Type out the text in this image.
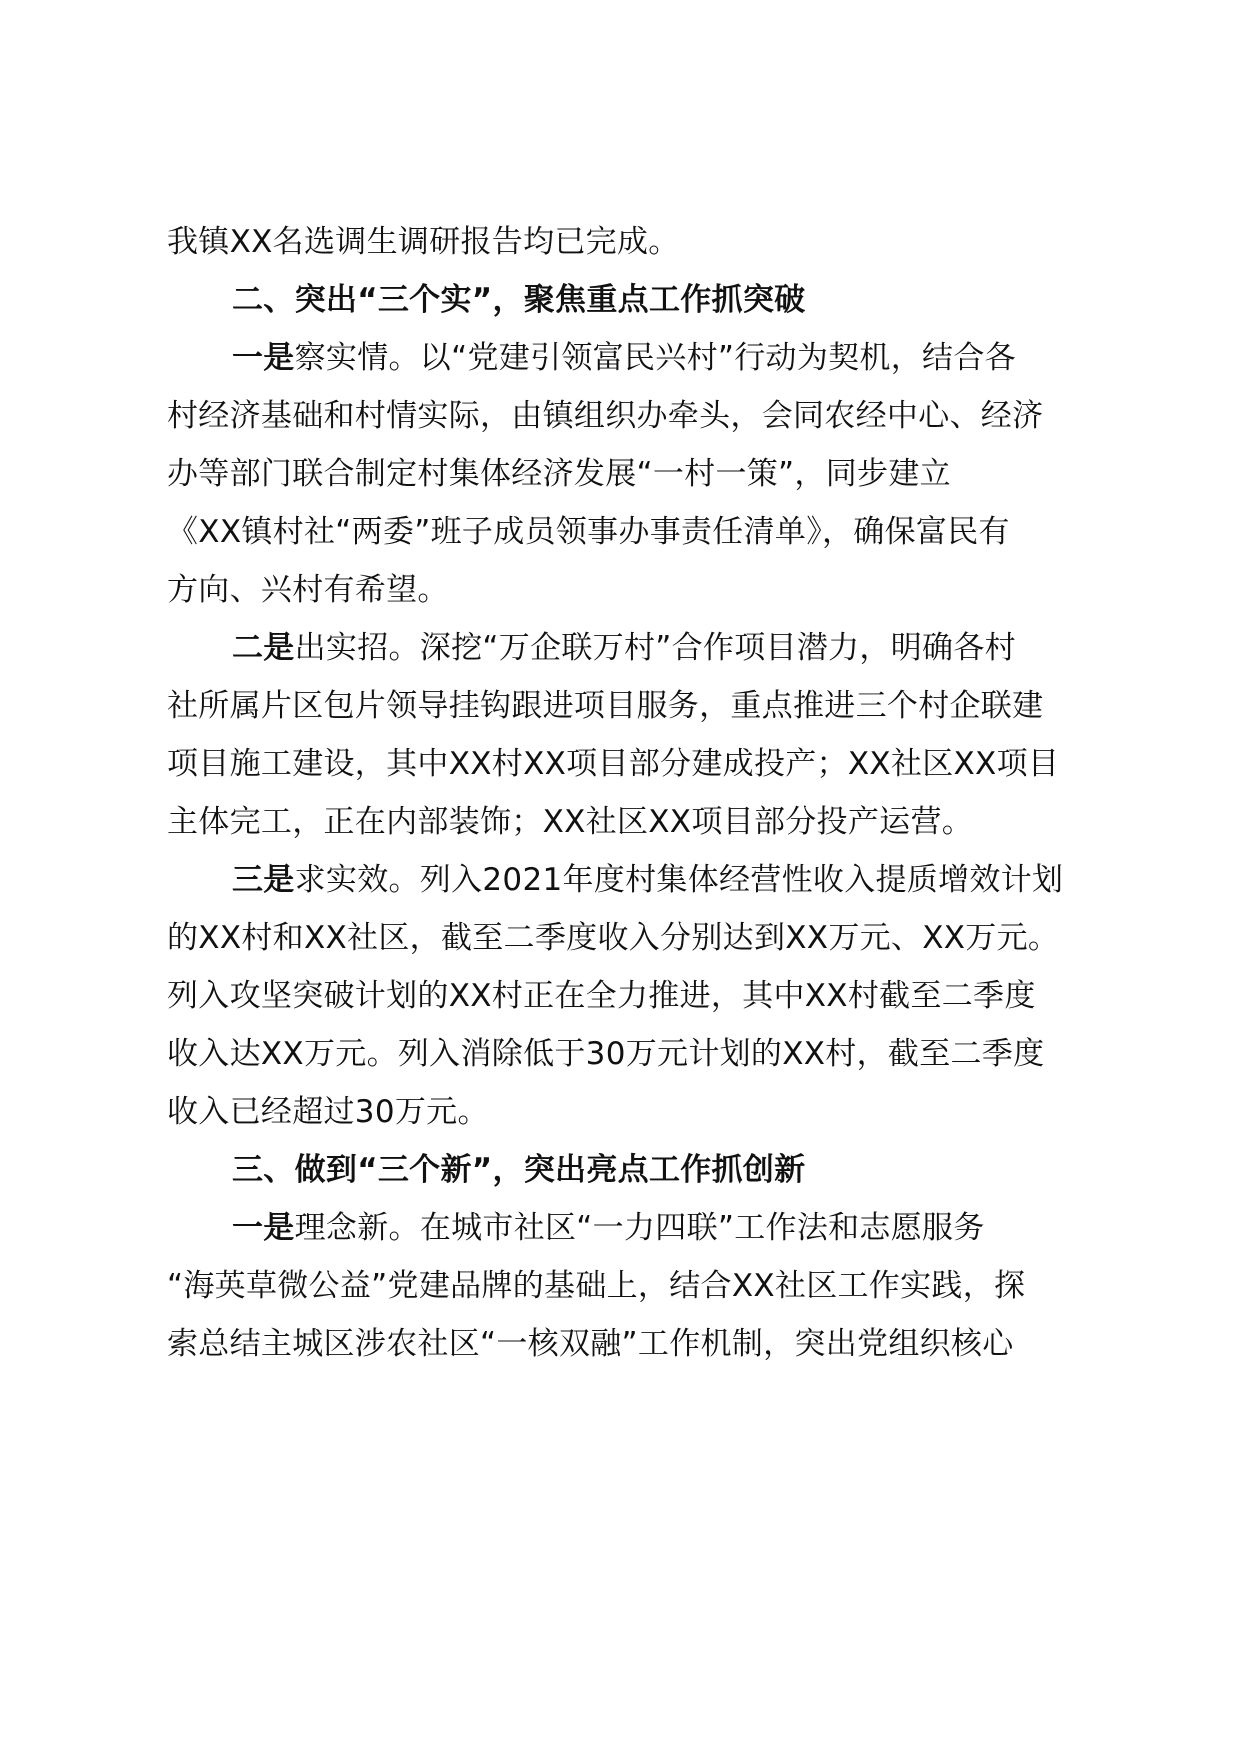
我镇XX名选调生调研报告均已完成。
二、突出“三个实”，聚焦重点工作抓突破
一是察实情。以“党建引领富民兴村”行动为契机，结合各
村经济基础和村情实际，由镇组织办牵头，会同农经中心、经济
办等部门联合制定村集体经济发展“一村一策”，同步建立
《XX镇村社“两委”班子成员领事办事责任清单》，确保富民有
方向、兴村有希望。
二是出实招。深挖“万企联万村”合作项目潜力，明确各村
社所属片区包片领导挂钩跟进项目服务，重点推进三个村企联建
项目施工建设，其中XX村XX项目部分建成投产；XX社区XX项目
主体完工，正在内部装饰；XX社区XX项目部分投产运营。
三是求实效。列入2021年度村集体经营性收入提质增效计划
的XX村和XX社区，截至二季度收入分别达到XX万元、XX万元。
列入攻坚突破计划的XX村正在全力推进，其中XX村截至二季度
收入达XX万元。列入消除低于30万元计划的XX村，截至二季度
收入已经超过30万元。
三、做到“三个新”，突出亮点工作抓创新
一是理念新。在城市社区“一力四联”工作法和志愿服务
“海英草微公益”党建品牌的基础上，结合XX社区工作实践，探
索总结主城区涉农社区“一核双融”工作机制，突出党组织核心
